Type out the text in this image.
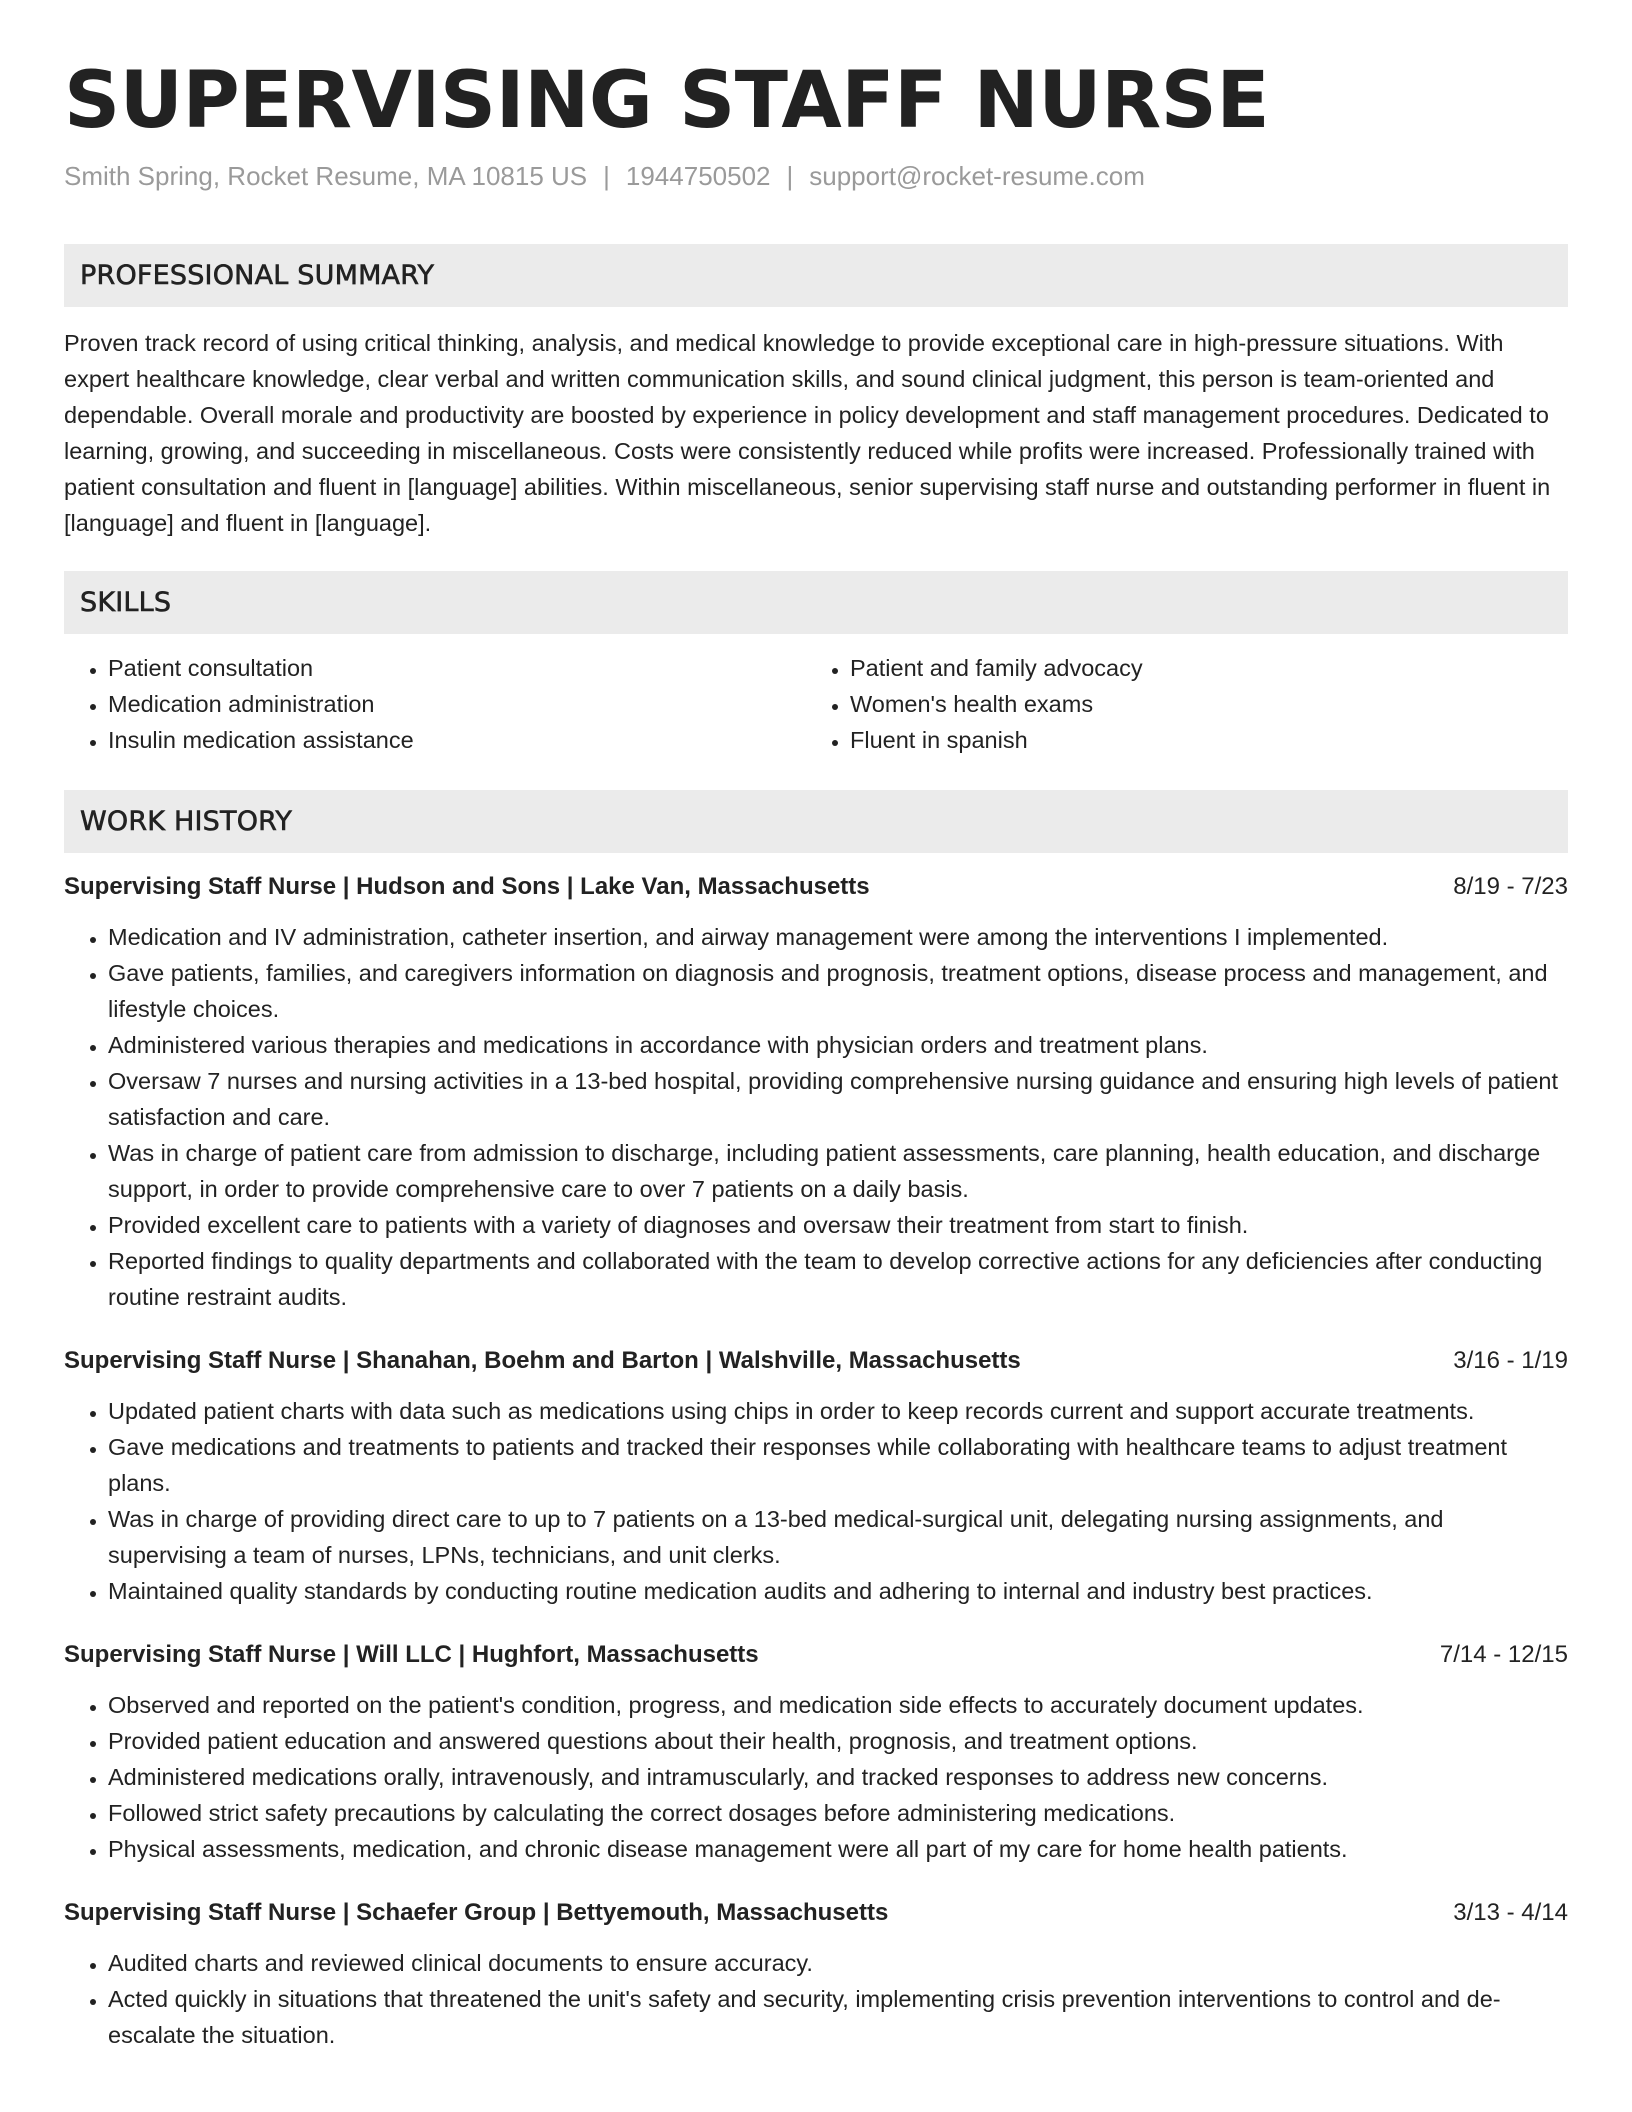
SUPERVISING STAFF NURSE
Smith Spring, Rocket Resume, MA 10815 US | 1944750502 | support@rocket-resume.com
PROFESSIONAL SUMMARY

Proven track record of using critical thinking, analysis, and medical knowledge to provide exceptional care in high-pressure situations. With expert healthcare knowledge, clear verbal and written communication skills, and sound clinical judgment, this person is team-oriented and dependable. Overall morale and productivity are boosted by experience in policy development and staff management procedures. Dedicated to learning, growing, and succeeding in miscellaneous. Costs were consistently reduced while profits were increased. Professionally trained with patient consultation and fluent in [language] abilities. Within miscellaneous, senior supervising staff nurse and outstanding performer in fluent in [language] and fluent in [language].

SKILLS
• Patient consultation
• Medication administration
• Insulin medication assistance
• Patient and family advocacy
• Women's health exams
• Fluent in spanish
WORK HISTORY
Supervising Staff Nurse | Hudson and Sons | Lake Van, Massachusetts	8/19 - 7/23
• Medication and IV administration, catheter insertion, and airway management were among the interventions I implemented.
• Gave patients, families, and caregivers information on diagnosis and prognosis, treatment options, disease process and management, and lifestyle choices.
• Administered various therapies and medications in accordance with physician orders and treatment plans.
• Oversaw 7 nurses and nursing activities in a 13-bed hospital, providing comprehensive nursing guidance and ensuring high levels of patient satisfaction and care.
• Was in charge of patient care from admission to discharge, including patient assessments, care planning, health education, and discharge support, in order to provide comprehensive care to over 7 patients on a daily basis.
• Provided excellent care to patients with a variety of diagnoses and oversaw their treatment from start to finish.
• Reported findings to quality departments and collaborated with the team to develop corrective actions for any deficiencies after conducting routine restraint audits.
Supervising Staff Nurse | Shanahan, Boehm and Barton | Walshville, Massachusetts	3/16 - 1/19
• Updated patient charts with data such as medications using chips in order to keep records current and support accurate treatments.
• Gave medications and treatments to patients and tracked their responses while collaborating with healthcare teams to adjust treatment plans.
• Was in charge of providing direct care to up to 7 patients on a 13-bed medical-surgical unit, delegating nursing assignments, and supervising a team of nurses, LPNs, technicians, and unit clerks.
• Maintained quality standards by conducting routine medication audits and adhering to internal and industry best practices.
Supervising Staff Nurse | Will LLC | Hughfort, Massachusetts	7/14 - 12/15
• Observed and reported on the patient's condition, progress, and medication side effects to accurately document updates.
• Provided patient education and answered questions about their health, prognosis, and treatment options.
• Administered medications orally, intravenously, and intramuscularly, and tracked responses to address new concerns.
• Followed strict safety precautions by calculating the correct dosages before administering medications.
• Physical assessments, medication, and chronic disease management were all part of my care for home health patients.
Supervising Staff Nurse | Schaefer Group | Bettyemouth, Massachusetts	3/13 - 4/14
• Audited charts and reviewed clinical documents to ensure accuracy.
• Acted quickly in situations that threatened the unit's safety and security, implementing crisis prevention interventions to control and de-escalate the situation.
